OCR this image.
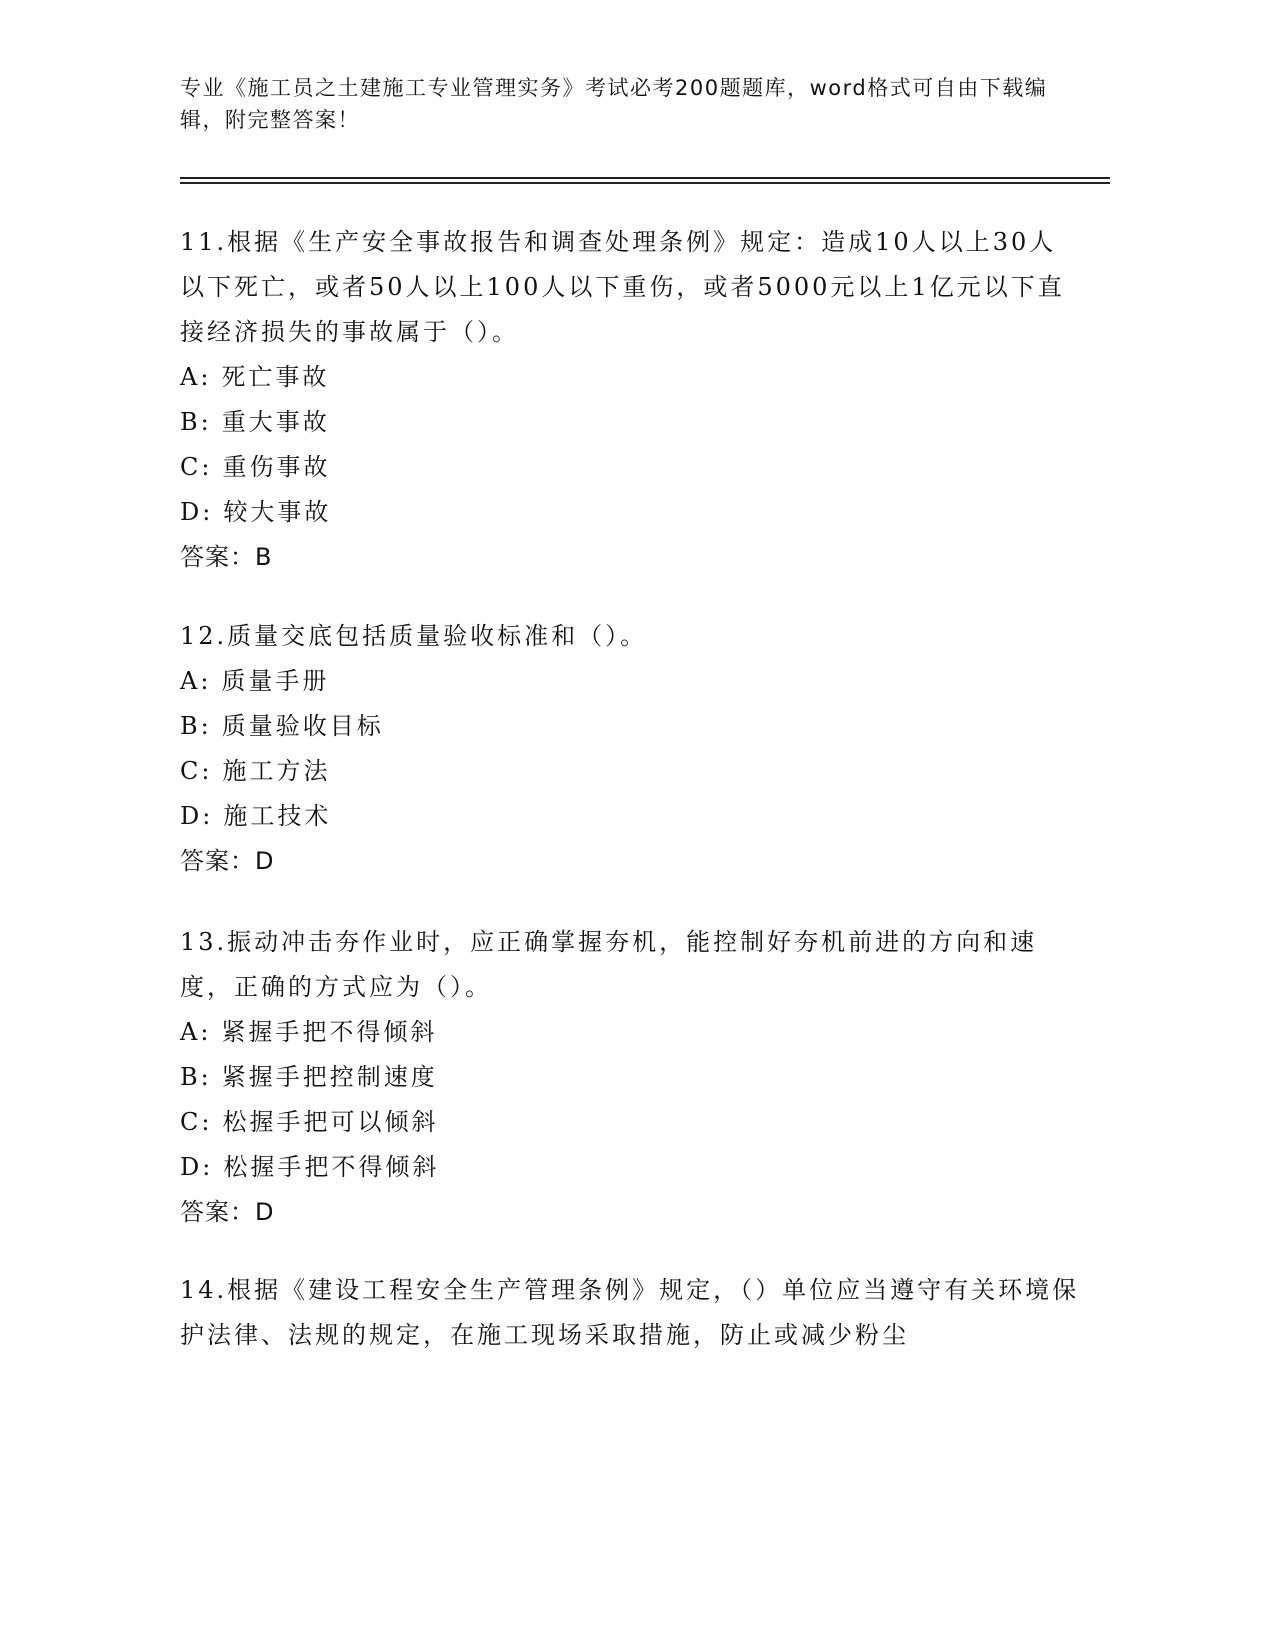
专业《施工员之土建施工专业管理实务》考试必考200题题库，word格式可自由下载编辑，附完整答案！

11.根据《生产安全事故报告和调查处理条例》规定：造成10人以上30人以下死亡，或者50人以上100人以下重伤，或者5000元以上1亿元以下直接经济损失的事故属于（）。

A: 死亡事故

B: 重大事故

C: 重伤事故

D: 较大事故

答案：B

12.质量交底包括质量验收标准和（）。

A: 质量手册

B: 质量验收目标

C: 施工方法

D: 施工技术

答案：D

13.振动冲击夯作业时，应正确掌握夯机，能控制好夯机前进的方向和速度，正确的方式应为（）。

A: 紧握手把不得倾斜

B: 紧握手把控制速度

C: 松握手把可以倾斜

D: 松握手把不得倾斜

答案：D

14.根据《建设工程安全生产管理条例》规定，（）单位应当遵守有关环境保护法律、法规的规定，在施工现场采取措施，防止或减少粉尘
